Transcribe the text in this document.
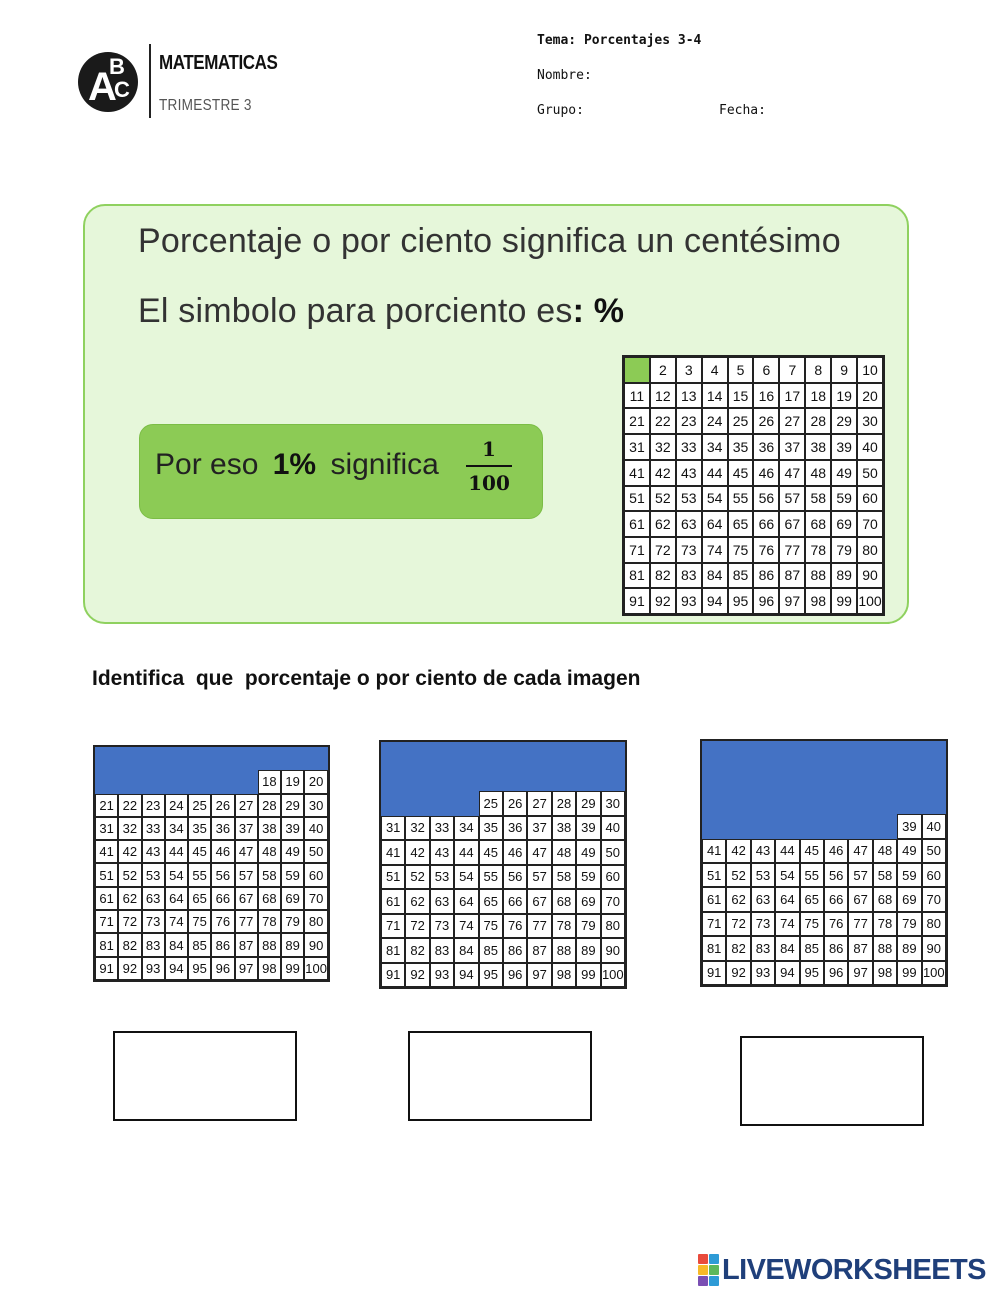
A
B
C
MATEMATICAS
TRIMESTRE 3
Tema: Porcentajes 3-4
Nombre:
Grupo:	Fecha:
Porcentaje o por ciento significa un centésimo
El simbolo para porciento es: %
Por eso 1% significa	1
100
2	3	4	5	6	7	8	9	10
11 12 13 14 15 16 17 18 19 20
21 22 23 24 25 26 27 28 29 30
31 32 33 34 35 36 37 38 39 40
41 42 43 44 45 46 47 48 49 50
51 52 53 54 55 56 57 58 59 60
61 62 63 64 65 66 67 68 69 70
71 72 73 74 75 76 77 78 79 80
81 82 83 84 85 86 87 88 89 90
91 92 93 94 95 96 97 98 99 100
Identifica  que  porcentaje o por ciento de cada imagen
18 19 20
21 22 23 24 25 26 27 28 29 30
31 32 33 34 35 36 37 38 39 40
41 42 43 44 45 46 47 48 49 50
51 52 53 54 55 56 57 58 59 60
61 62 63 64 65 66 67 68 69 70
71 72 73 74 75 76 77 78 79 80
81 82 83 84 85 86 87 88 89 90
91 92 93 94 95 96 97 98 99 100
25 26 27 28 29 30
31 32 33 34 35 36 37 38 39 40
41 42 43 44 45 46 47 48 49 50
51 52 53 54 55 56 57 58 59 60
61 62 63 64 65 66 67 68 69 70
71 72 73 74 75 76 77 78 79 80
81 82 83 84 85 86 87 88 89 90
91 92 93 94 95 96 97 98 99 100
39 40
41 42 43 44 45 46 47 48 49 50
51 52 53 54 55 56 57 58 59 60
61 62 63 64 65 66 67 68 69 70
71 72 73 74 75 76 77 78 79 80
81 82 83 84 85 86 87 88 89 90
91 92 93 94 95 96 97 98 99 100
LIVEWORKSHEETS
